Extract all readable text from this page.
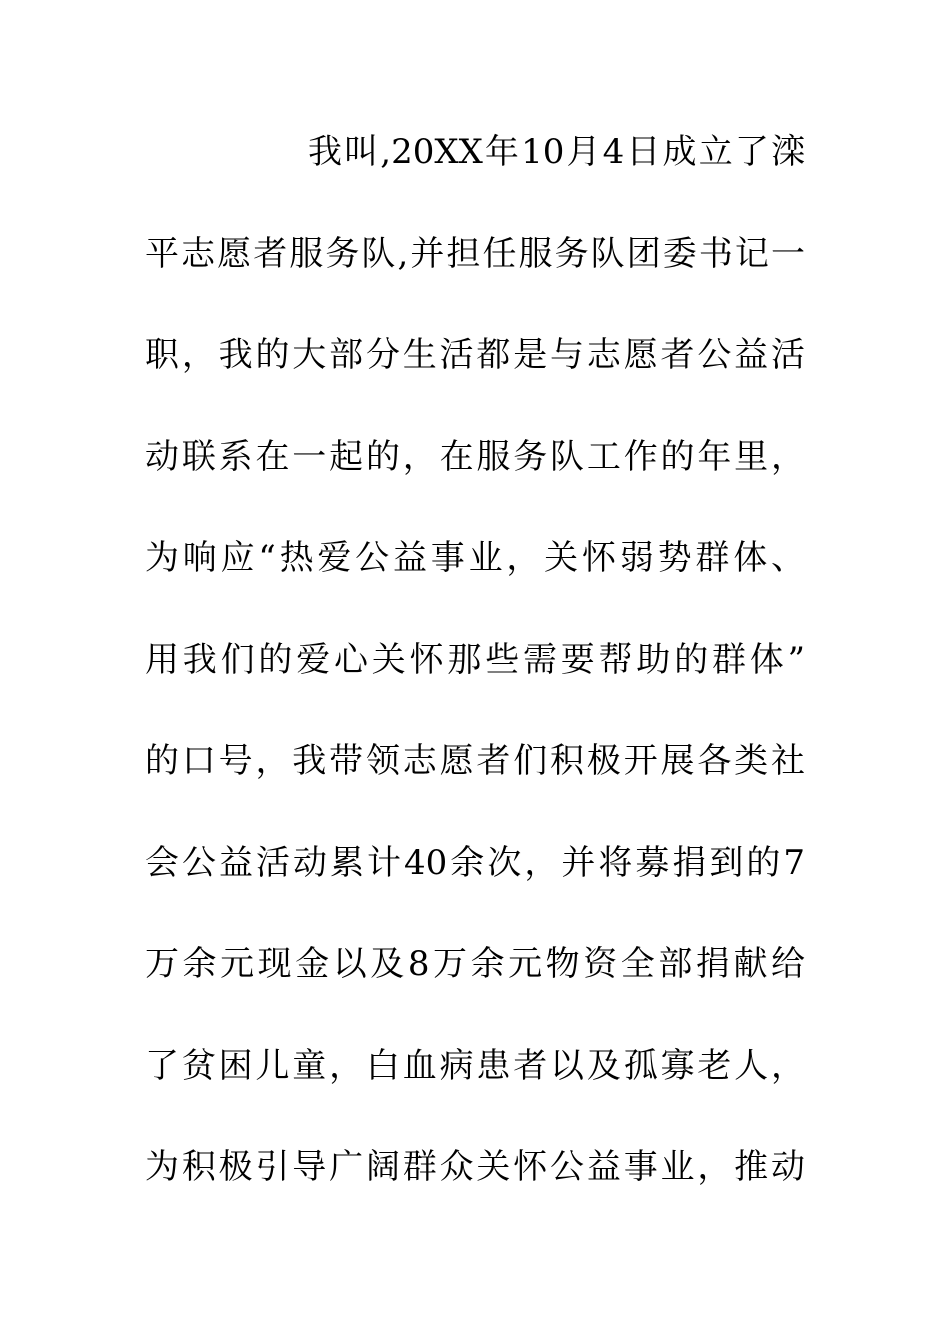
我叫,20XX年10月4日成立了滦
平志愿者服务队,并担任服务队团委书记一
职，我的大部分生活都是与志愿者公益活
动联系在一起的，在服务队工作的年里，
为响应“热爱公益事业，关怀弱势群体、
用我们的爱心关怀那些需要帮助的群体”
的口号，我带领志愿者们积极开展各类社
会公益活动累计40余次，并将募捐到的7
万余元现金以及8万余元物资全部捐献给
了贫困儿童，白血病患者以及孤寡老人，
为积极引导广阔群众关怀公益事业，推动
